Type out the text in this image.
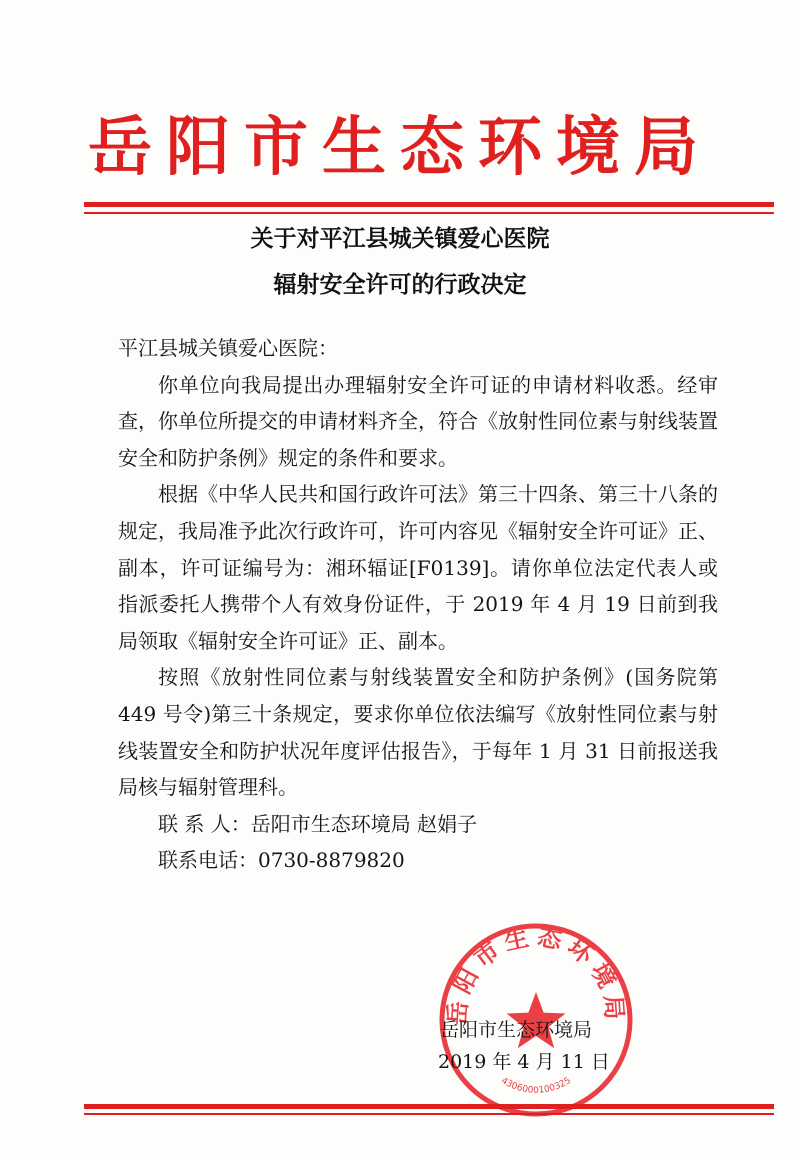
岳阳市生态环境局
关于对平江县城关镇爱心医院
辐射安全许可的行政决定

平江县城关镇爱心医院：

你单位向我局提出办理辐射安全许可证的申请材料收悉。经审查，你单位所提交的申请材料齐全，符合《放射性同位素与射线装置安全和防护条例》规定的条件和要求。

根据《中华人民共和国行政许可法》第三十四条、第三十八条的规定，我局准予此次行政许可，许可内容见《辐射安全许可证》正、副本，许可证编号为：湘环辐证[F0139]。请你单位法定代表人或指派委托人携带个人有效身份证件，于 2019 年 4 月 19 日前到我局领取《辐射安全许可证》正、副本。

按照《放射性同位素与射线装置安全和防护条例》(国务院第 449 号令)第三十条规定，要求你单位依法编写《放射性同位素与射线装置安全和防护状况年度评估报告》，于每年 1 月 31 日前报送我局核与辐射管理科。

联 系 人：岳阳市生态环境局 赵娟子

联系电话：0730-8879820

岳阳市生态环境局
4306000100325
岳阳市生态环境局
2019 年 4 月 11 日
